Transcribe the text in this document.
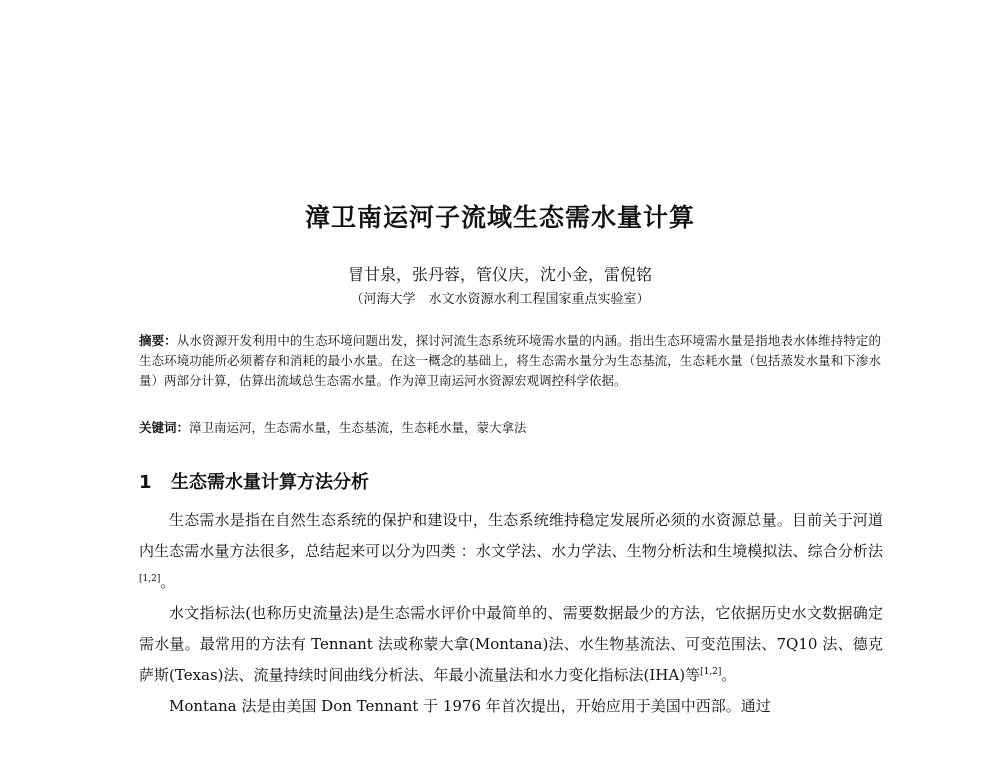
漳卫南运河子流域生态需水量计算
冒甘泉，张丹蓉，管仪庆，沈小金，雷倪铭
（河海大学　水文水资源水利工程国家重点实验室）
摘要：从水资源开发利用中的生态环境问题出发，探讨河流生态系统环境需水量的内涵。指出生态环境需水量是指地表水体维持特定的生态环境功能所必须蓄存和消耗的最小水量。在这一概念的基础上，将生态需水量分为生态基流，生态耗水量（包括蒸发水量和下渗水量）两部分计算，估算出流域总生态需水量。作为漳卫南运河水资源宏观调控科学依据。
关键词：漳卫南运河，生态需水量，生态基流，生态耗水量，蒙大拿法
1 生态需水量计算方法分析

生态需水是指在自然生态系统的保护和建设中，生态系统维持稳定发展所必须的水资源总量。目前关于河道内生态需水量方法很多，总结起来可以分为四类 ：水文学法、水力学法、生物分析法和生境模拟法、综合分析法[1,2]。

水文指标法(也称历史流量法)是生态需水评价中最简单的、需要数据最少的方法，它依据历史水文数据确定需水量。最常用的方法有 Tennant 法或称蒙大拿(Montana)法、水生物基流法、可变范围法、7Q10 法、德克萨斯(Texas)法、流量持续时间曲线分析法、年最小流量法和水力变化指标法(IHA)等[1,2]。

Montana 法是由美国 Don Tennant 于 1976 年首次提出，开始应用于美国中西部。通过
